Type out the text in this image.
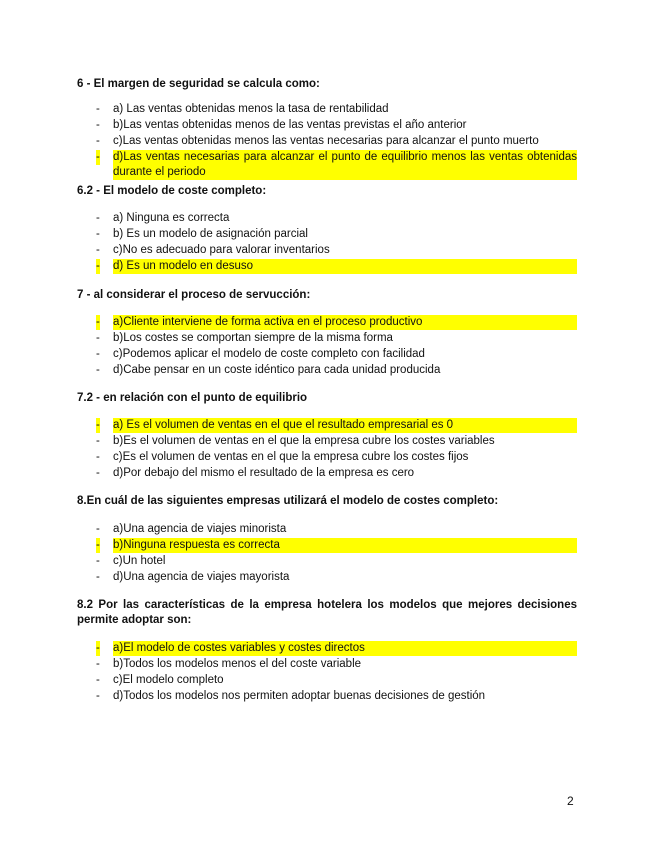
6 - El margen de seguridad se calcula como:
- a) Las ventas obtenidas menos la tasa de rentabilidad
- b)Las ventas obtenidas menos de las ventas previstas el año anterior
- c)Las ventas obtenidas menos las ventas necesarias para alcanzar el punto muerto
- d)Las ventas necesarias para alcanzar el punto de equilibrio menos las ventas obtenidas durante el periodo
6.2 - El modelo de coste completo:
- a) Ninguna es correcta
- b) Es un modelo de asignación parcial
- c)No es adecuado para valorar inventarios
- d) Es un modelo en desuso
7 - al considerar el proceso de servucción:
- a)Cliente interviene de forma activa en el proceso productivo
- b)Los costes se comportan siempre de la misma forma
- c)Podemos aplicar el modelo de coste completo con facilidad
- d)Cabe pensar en un coste idéntico para cada unidad producida
7.2 - en relación con el punto de equilibrio
- a) Es el volumen de ventas en el que el resultado empresarial es 0
- b)Es el volumen de ventas en el que la empresa cubre los costes variables
- c)Es el volumen de ventas en el que la empresa cubre los costes fijos
- d)Por debajo del mismo el resultado de la empresa es cero
8.En cuál de las siguientes empresas utilizará el modelo de costes completo:
- a)Una agencia de viajes minorista
- b)Ninguna respuesta es correcta
- c)Un hotel
- d)Una agencia de viajes mayorista
8.2 Por las características de la empresa hotelera los modelos que mejores decisiones permite adoptar son:
- a)El modelo de costes variables y costes directos
- b)Todos los modelos menos el del coste variable
- c)El modelo completo
- d)Todos los modelos nos permiten adoptar buenas decisiones de gestión
2
